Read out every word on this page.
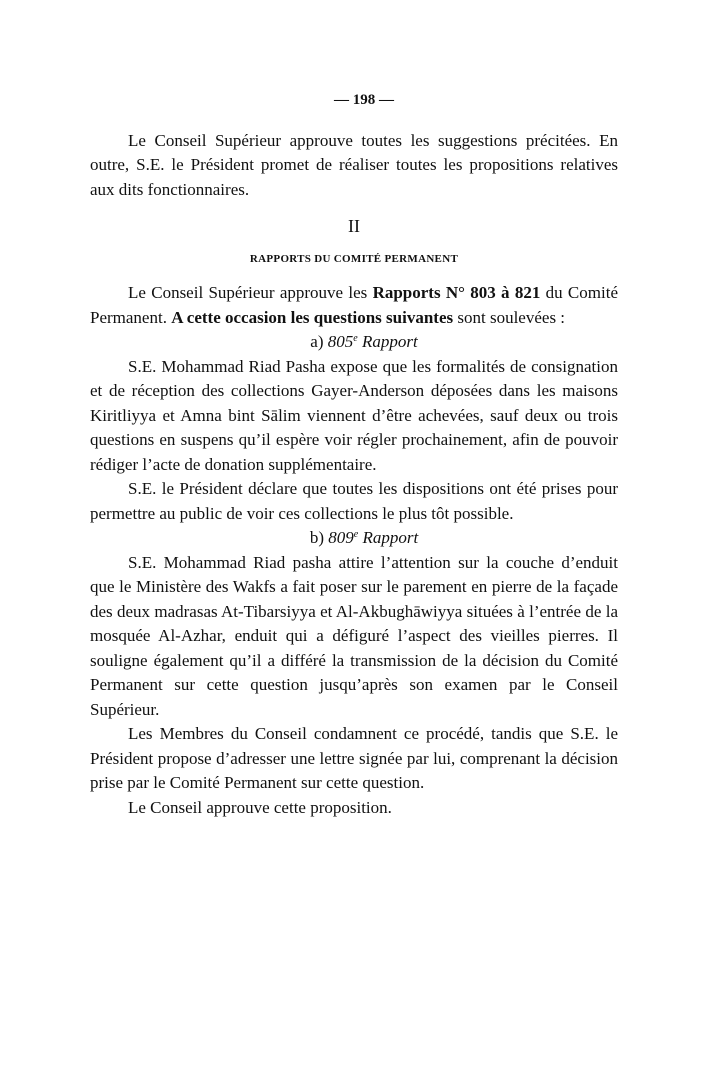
— 198 —

Le Conseil Supérieur approuve toutes les suggestions précitées. En outre, S.E. le Président promet de réaliser toutes les propositions relatives aux dits fonctionnaires.

II
RAPPORTS DU COMITÉ PERMANENT

Le Conseil Supérieur approuve les Rapports N° 803 à 821 du Comité Permanent. A cette occasion les questions suivantes sont soulevées :

a) 805e Rapport

S.E. Mohammad Riad Pasha expose que les formalités de consignation et de réception des collections Gayer-Anderson déposées dans les maisons Kiritliyya et Amna bint Sālim viennent d’être achevées, sauf deux ou trois questions en suspens qu’il espère voir régler prochainement, afin de pouvoir rédiger l’acte de donation supplémentaire.

S.E. le Président déclare que toutes les dispositions ont été prises pour permettre au public de voir ces collections le plus tôt possible.

b) 809e Rapport

S.E. Mohammad Riad pasha attire l’attention sur la couche d’enduit que le Ministère des Wakfs a fait poser sur le parement en pierre de la façade des deux madrasas At-Tibarsiyya et Al-Akbughāwiyya situées à l’entrée de la mosquée Al-Azhar, enduit qui a défiguré l’aspect des vieilles pierres. Il souligne également qu’il a différé la transmission de la décision du Comité Permanent sur cette question jusqu’après son examen par le Conseil Supérieur.

Les Membres du Conseil condamnent ce procédé, tandis que S.E. le Président propose d’adresser une lettre signée par lui, comprenant la décision prise par le Comité Permanent sur cette question.

Le Conseil approuve cette proposition.
